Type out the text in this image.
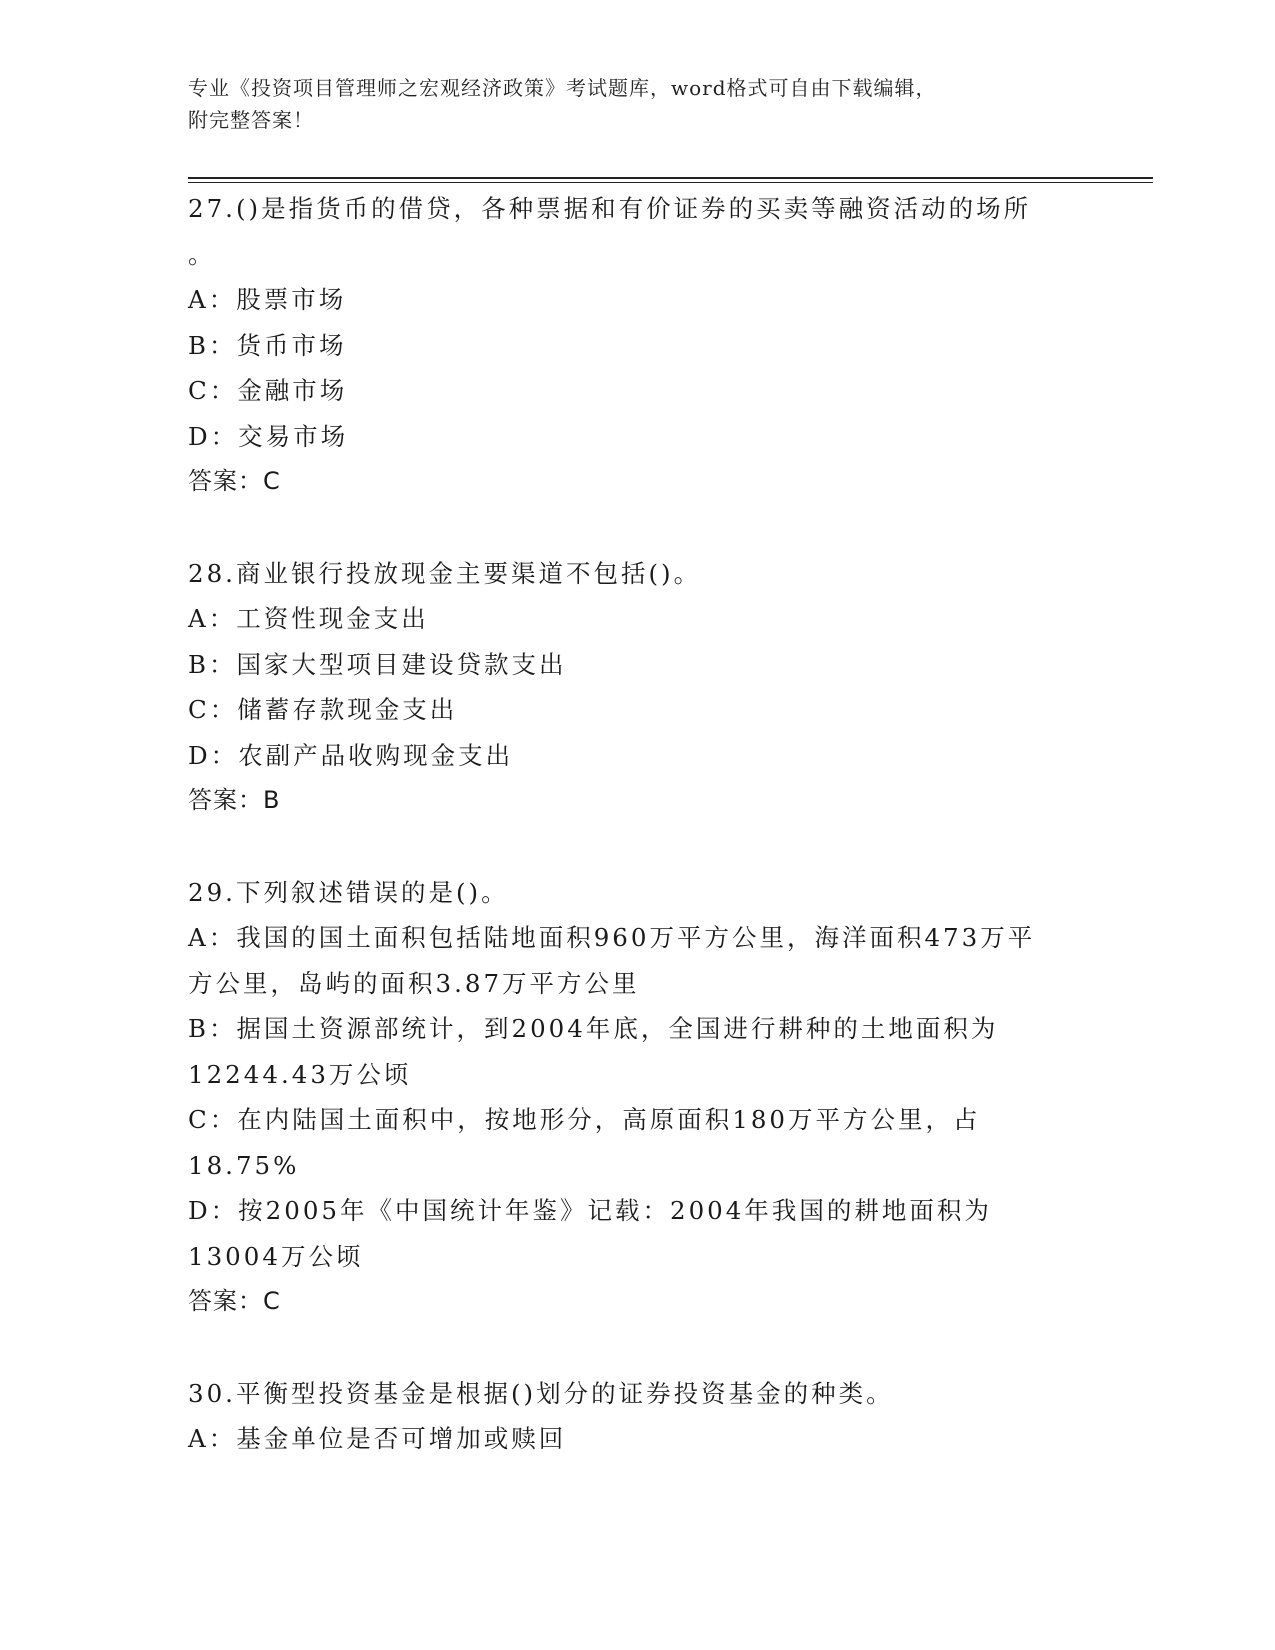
专业《投资项目管理师之宏观经济政策》考试题库，word格式可自由下载编辑，
附完整答案！
27.()是指货币的借贷，各种票据和有价证券的买卖等融资活动的场所
。
A：股票市场
B：货币市场
C：金融市场
D：交易市场
答案：C
28.商业银行投放现金主要渠道不包括()。
A：工资性现金支出
B：国家大型项目建设贷款支出
C：储蓄存款现金支出
D：农副产品收购现金支出
答案：B
29.下列叙述错误的是()。
A：我国的国土面积包括陆地面积960万平方公里，海洋面积473万平
方公里，岛屿的面积3.87万平方公里
B：据国土资源部统计，到2004年底，全国进行耕种的土地面积为
12244.43万公顷
C：在内陆国土面积中，按地形分，高原面积180万平方公里，占
18.75%
D：按2005年《中国统计年鉴》记载：2004年我国的耕地面积为
13004万公顷
答案：C
30.平衡型投资基金是根据()划分的证券投资基金的种类。
A：基金单位是否可增加或赎回
